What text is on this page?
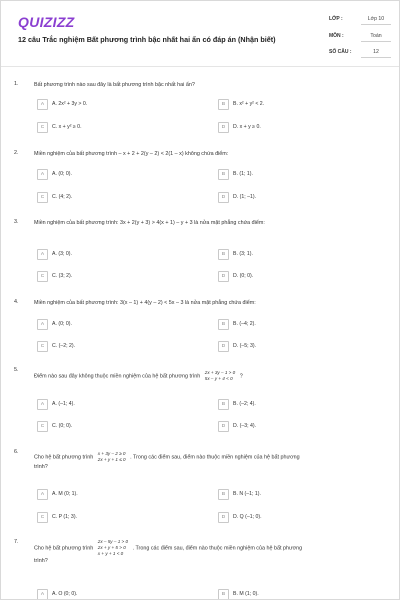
QUIZIZZ
12 câu Trắc nghiệm Bất phương trình bậc nhất hai ẩn có đáp án (Nhận biết)
LỚP :	Lớp 10
MÔN :	Toán
SỐ CÂU :	12
1.	Bất phương trình nào sau đây là bất phương trình bậc nhất hai ẩn?
A	A. 2x² + 3y > 0.	B	B. x² + y² < 2.
C	C. x + y² ≥ 0.	D	D. x + y ≥ 0.
2.	Miền nghiệm của bất phương trình – x + 2 + 2(y – 2) < 2(1 – x) không chứa điểm:
A	A. (0; 0).	B	B. (1; 1).
C	C. (4; 2).	D	D. (1; –1).
3.	Miền nghiệm của bất phương trình: 3x + 2(y + 3) > 4(x + 1) – y + 3 là nửa mặt phẳng chứa điểm:
A	A. (3; 0).	B	B. (3; 1).
C	C. (3; 2).	D	D. (0; 0).
4.	Miền nghiệm của bất phương trình: 3(x – 1) + 4(y – 2) < 5x – 3 là nửa mặt phẳng chứa điểm:
A	A. (0; 0).	B	B. (–4; 2).
C	C. (–2; 2).	D	D. (–5; 3).
5.
Điểm nào sau đây không thuộc miền nghiệm của hệ bất phương trình
2x + 3y – 1 > 0
5x – y + 4 < 0	?
A	A. (–1; 4).	B	B. (–2; 4).
C	C. (0; 0).	D	D. (–3; 4).
6.
Cho hệ bất phương trình
x + 3y – 2 ≥ 0
2x + y + 1 ≤ 0 . Trong các điểm sau, điểm nào thuộc miền nghiệm của hệ bất phương
trình?
A	A. M (0; 1).	B	B. N (–1; 1).
C	C. P (1; 3).	D	D. Q (–1; 0).
7.
Cho hệ bất phương trình
2x – 5y – 1 > 0
2x + y + 5 > 0
x + y + 1 < 0
. Trong các điểm sau, điểm nào thuộc miền nghiệm của hệ bất phương
trình?
A	A. O (0; 0).	B	B. M (1; 0).
